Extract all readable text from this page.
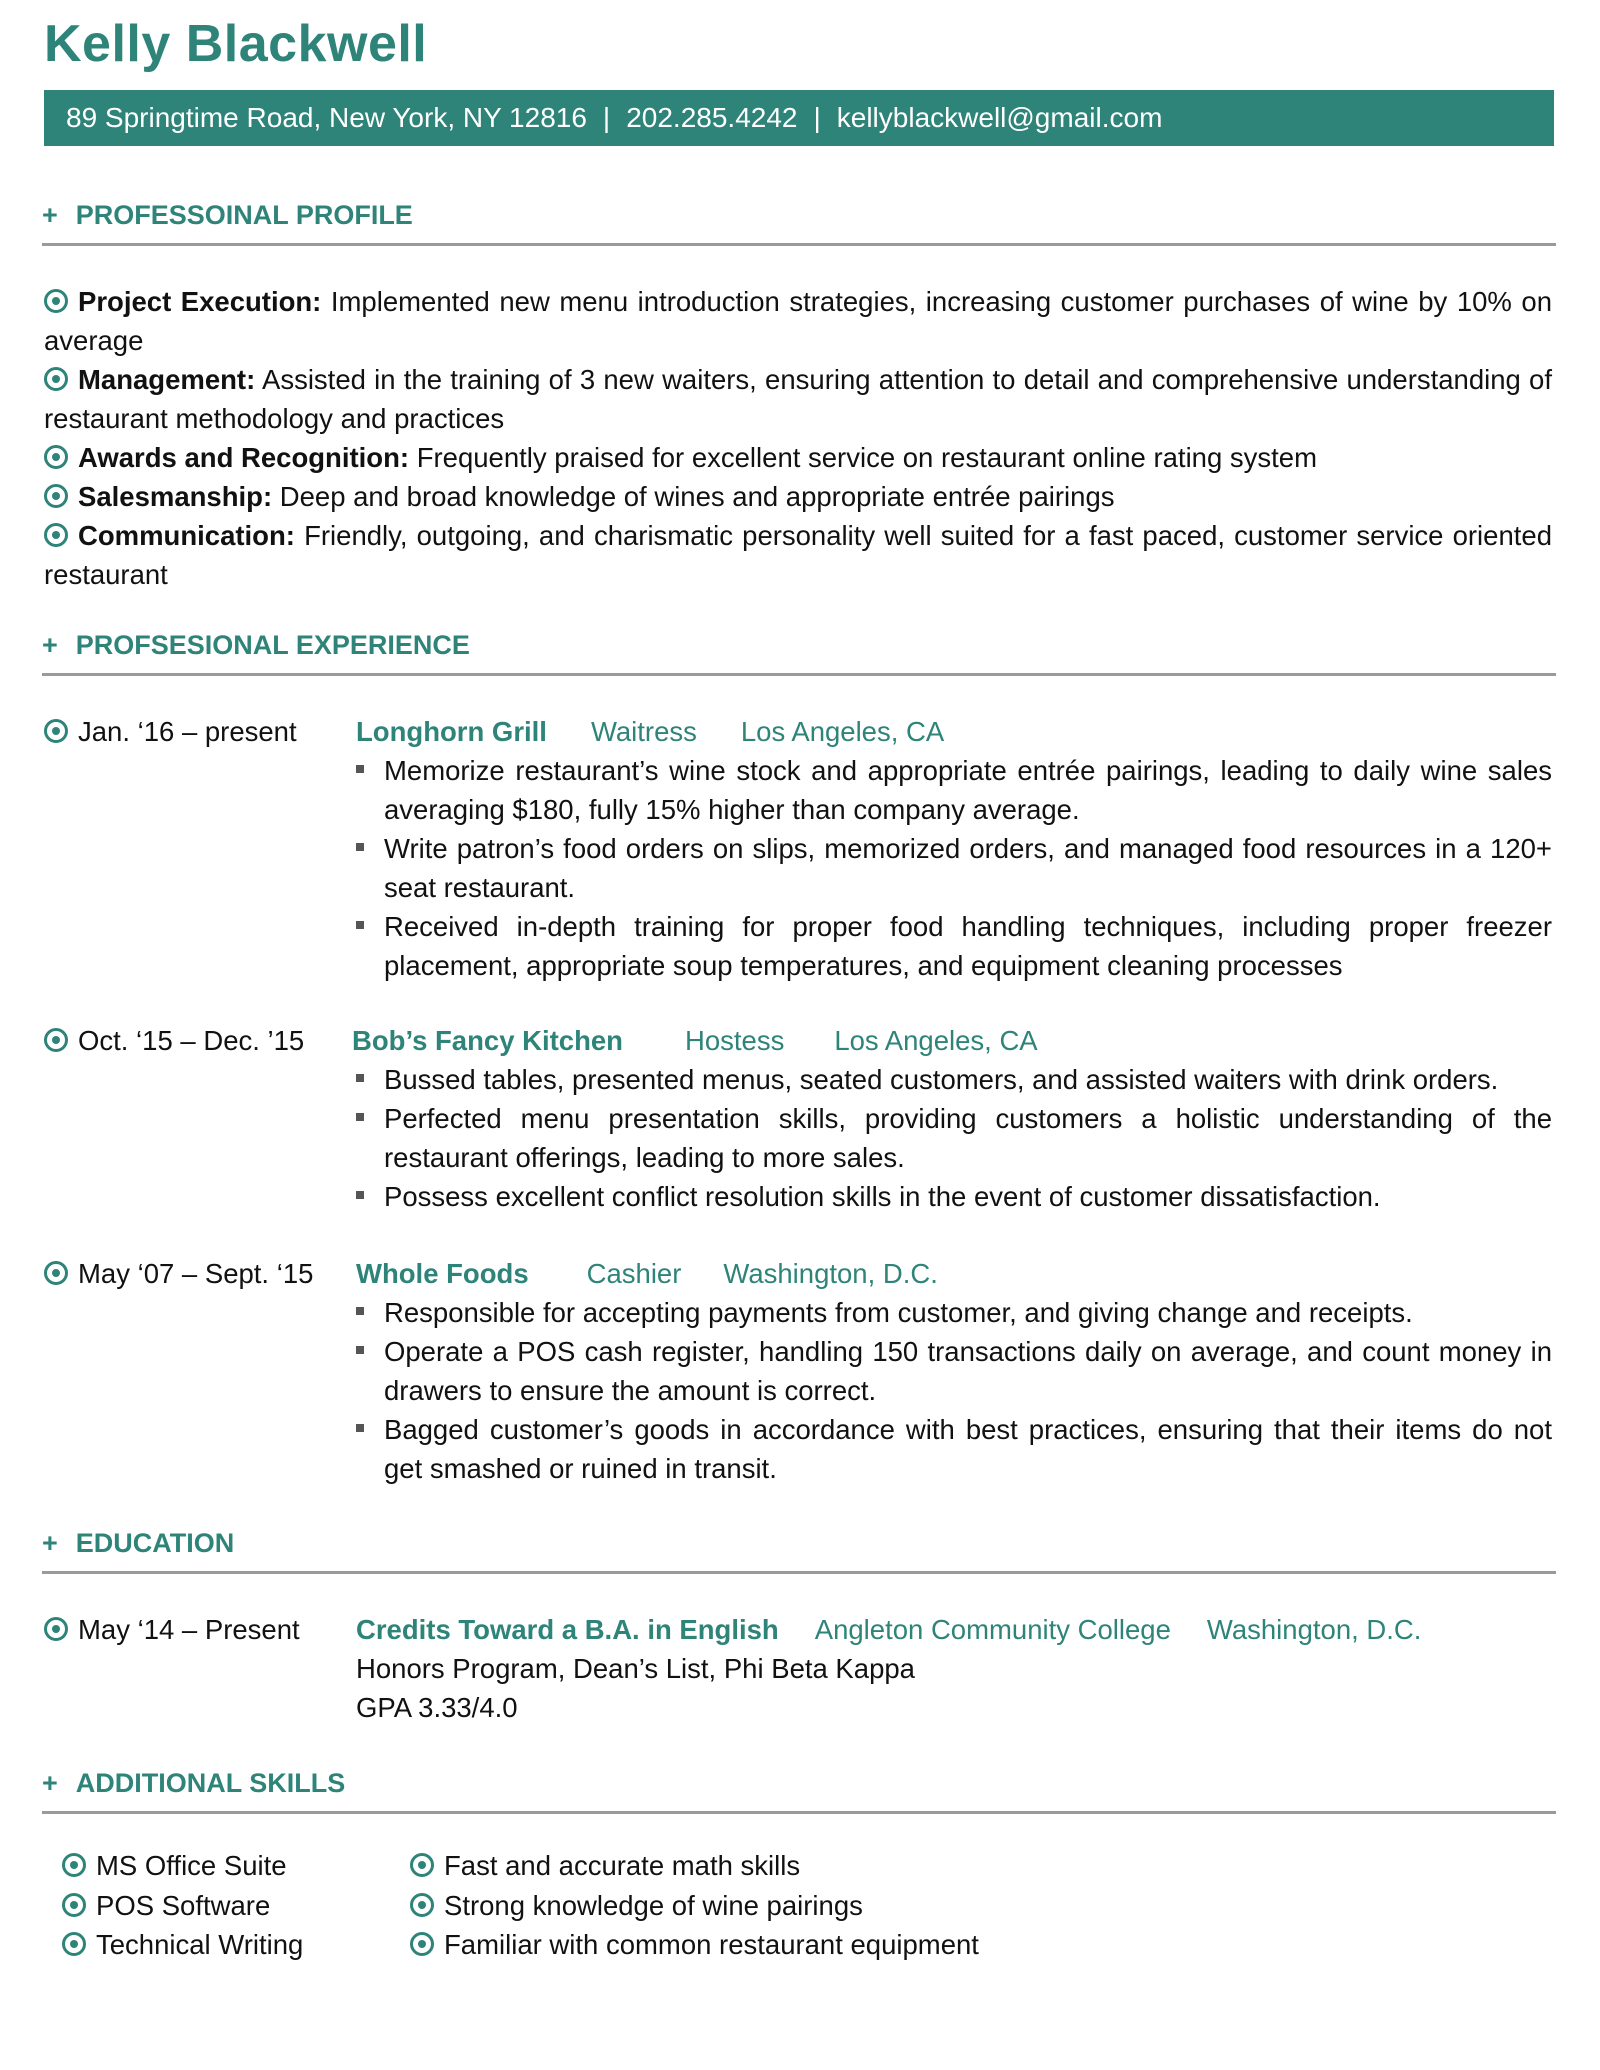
Kelly Blackwell
89 Springtime Road, New York, NY 12816 | 202.285.4242 | kellyblackwell@gmail.com
+ PROFESSOINAL PROFILE

Project Execution: Implemented new menu introduction strategies, increasing customer purchases of wine by 10% on average

Management: Assisted in the training of 3 new waiters, ensuring attention to detail and comprehensive understanding of restaurant methodology and practices

Awards and Recognition: Frequently praised for excellent service on restaurant online rating system

Salesmanship: Deep and broad knowledge of wines and appropriate entrée pairings

Communication: Friendly, outgoing, and charismatic personality well suited for a fast paced, customer service oriented restaurant

+ PROFSESIONAL EXPERIENCE
Jan. ‘16 – present Longhorn Grill Waitress Los Angeles, CA
Memorize restaurant’s wine stock and appropriate entrée pairings, leading to daily wine sales averaging $180, fully 15% higher than company average.
Write patron’s food orders on slips, memorized orders, and managed food resources in a 120+ seat restaurant.
Received in-depth training for proper food handling techniques, including proper freezer placement, appropriate soup temperatures, and equipment cleaning processes
Oct. ‘15 – Dec. ’15 Bob’s Fancy Kitchen Hostess Los Angeles, CA
Bussed tables, presented menus, seated customers, and assisted waiters with drink orders.
Perfected menu presentation skills, providing customers a holistic understanding of the restaurant offerings, leading to more sales.
Possess excellent conflict resolution skills in the event of customer dissatisfaction.
May ‘07 – Sept. ‘15 Whole Foods Cashier Washington, D.C.
Responsible for accepting payments from customer, and giving change and receipts.
Operate a POS cash register, handling 150 transactions daily on average, and count money in drawers to ensure the amount is correct.
Bagged customer’s goods in accordance with best practices, ensuring that their items do not get smashed or ruined in transit.
+ EDUCATION
May ‘14 – Present Credits Toward a B.A. in English Angleton Community College Washington, D.C.
Honors Program, Dean’s List, Phi Beta Kappa
GPA 3.33/4.0
+ ADDITIONAL SKILLS
MS Office Suite
POS Software
Technical Writing
Fast and accurate math skills
Strong knowledge of wine pairings
Familiar with common restaurant equipment
